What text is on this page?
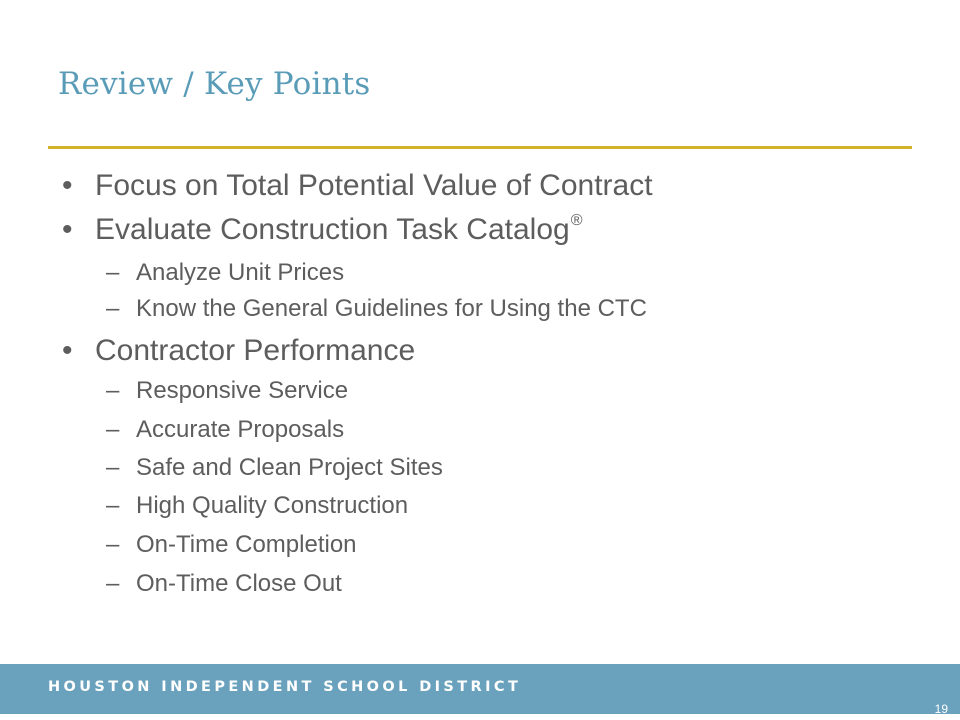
Review / Key Points
• Focus on Total Potential Value of Contract
• Evaluate Construction Task Catalog®
– Analyze Unit Prices
– Know the General Guidelines for Using the CTC
• Contractor Performance
– Responsive Service
– Accurate Proposals
– Safe and Clean Project Sites
– High Quality Construction
– On-Time Completion
– On-Time Close Out
HOUSTON INDEPENDENT SCHOOL DISTRICT
19
